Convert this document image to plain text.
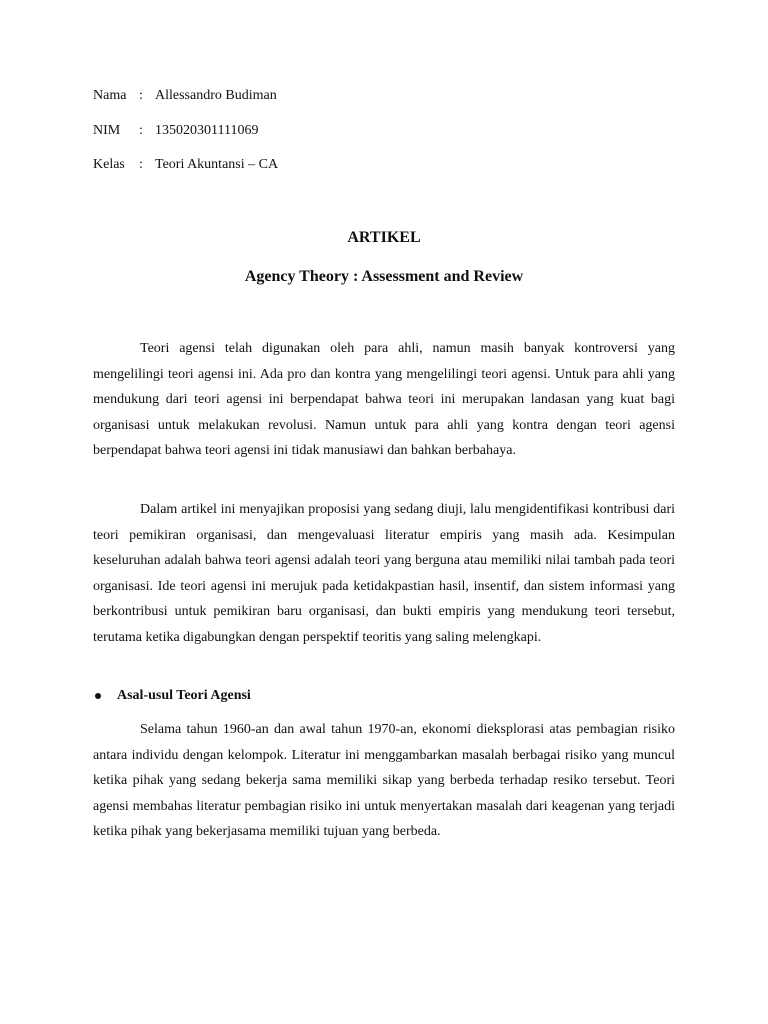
Nama : Allessandro Budiman
NIM	: 135020301111069
Kelas	: Teori Akuntansi – CA
ARTIKEL
Agency Theory : Assessment and Review

Teori agensi telah digunakan oleh para ahli, namun masih banyak kontroversi yang mengelilingi teori agensi ini. Ada pro dan kontra yang mengelilingi teori agensi. Untuk para ahli yang mendukung dari teori agensi ini berpendapat bahwa teori ini merupakan landasan yang kuat bagi organisasi untuk melakukan revolusi. Namun untuk para ahli yang kontra dengan teori agensi berpendapat bahwa teori agensi ini tidak manusiawi dan bahkan berbahaya.

Dalam artikel ini menyajikan proposisi yang sedang diuji, lalu mengidentifikasi kontribusi dari teori pemikiran organisasi, dan mengevaluasi literatur empiris yang masih ada. Kesimpulan keseluruhan adalah bahwa teori agensi adalah teori yang berguna atau memiliki nilai tambah pada teori organisasi. Ide teori agensi ini merujuk pada ketidakpastian hasil, insentif, dan sistem informasi yang berkontribusi untuk pemikiran baru organisasi, dan bukti empiris yang mendukung teori tersebut, terutama ketika digabungkan dengan perspektif teoritis yang saling melengkapi.

Asal-usul Teori Agensi

Selama tahun 1960-an dan awal tahun 1970-an, ekonomi dieksplorasi atas pembagian risiko antara individu dengan kelompok. Literatur ini menggambarkan masalah berbagai risiko yang muncul ketika pihak yang sedang bekerja sama memiliki sikap yang berbeda terhadap resiko tersebut. Teori agensi membahas literatur pembagian risiko ini untuk menyertakan masalah dari keagenan yang terjadi ketika pihak yang bekerjasama memiliki tujuan yang berbeda.
